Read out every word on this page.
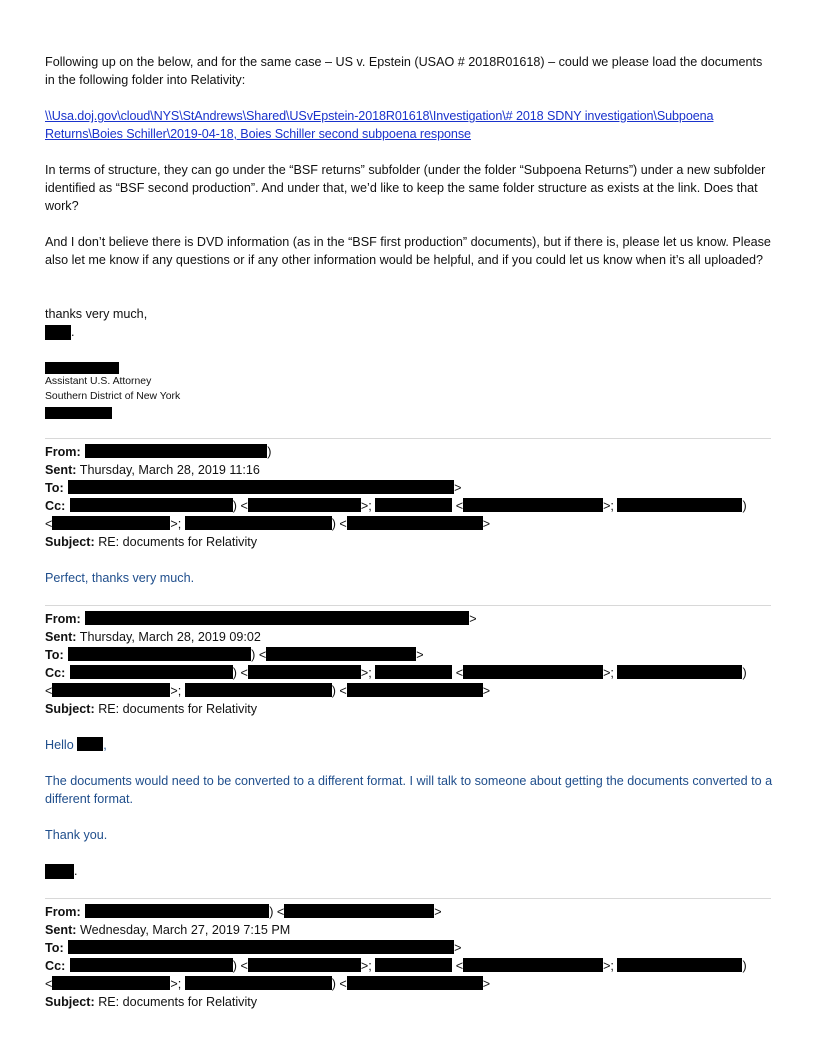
Following up on the below, and for the same case – US v. Epstein (USAO # 2018R01618) – could we please load the documents in the following folder into Relativity:

\\Usa.doj.gov\cloud\NYS\StAndrews\Shared\USvEpstein-2018R01618\Investigation\# 2018 SDNY investigation\Subpoena
Returns\Boies Schiller\2019-04-18, Boies Schiller second subpoena response

In terms of structure, they can go under the “BSF returns” subfolder (under the folder “Subpoena Returns”) under a new subfolder identified as “BSF second production”. And under that, we’d like to keep the same folder structure as exists at the link. Does that work?

And I don’t believe there is DVD information (as in the “BSF first production” documents), but if there is, please let us know. Please also let me know if any questions or if any other information would be helpful, and if you could let us know when it’s all uploaded?

thanks very much,

.
Assistant U.S. Attorney
Southern District of New York
From:	)
Sent: Thursday, March 28, 2019 11:16
To:	>
Cc:	) <	>;	<	>;	)
<	>;	) <	>
Subject: RE: documents for Relativity

Perfect, thanks very much.

From:	>
Sent: Thursday, March 28, 2019 09:02
To:	) <	>
Cc:	) <	>;	<	>;	)
<	>;	) <	>
Subject: RE: documents for Relativity
Hello ,

The documents would need to be converted to a different format. I will talk to someone about getting the documents converted to a different format.

Thank you.

.
From:	) <	>
Sent: Wednesday, March 27, 2019 7:15 PM
To:	>
Cc:	) <	>;	<	>;	)
<	>;	) <	>
Subject: RE: documents for Relativity
